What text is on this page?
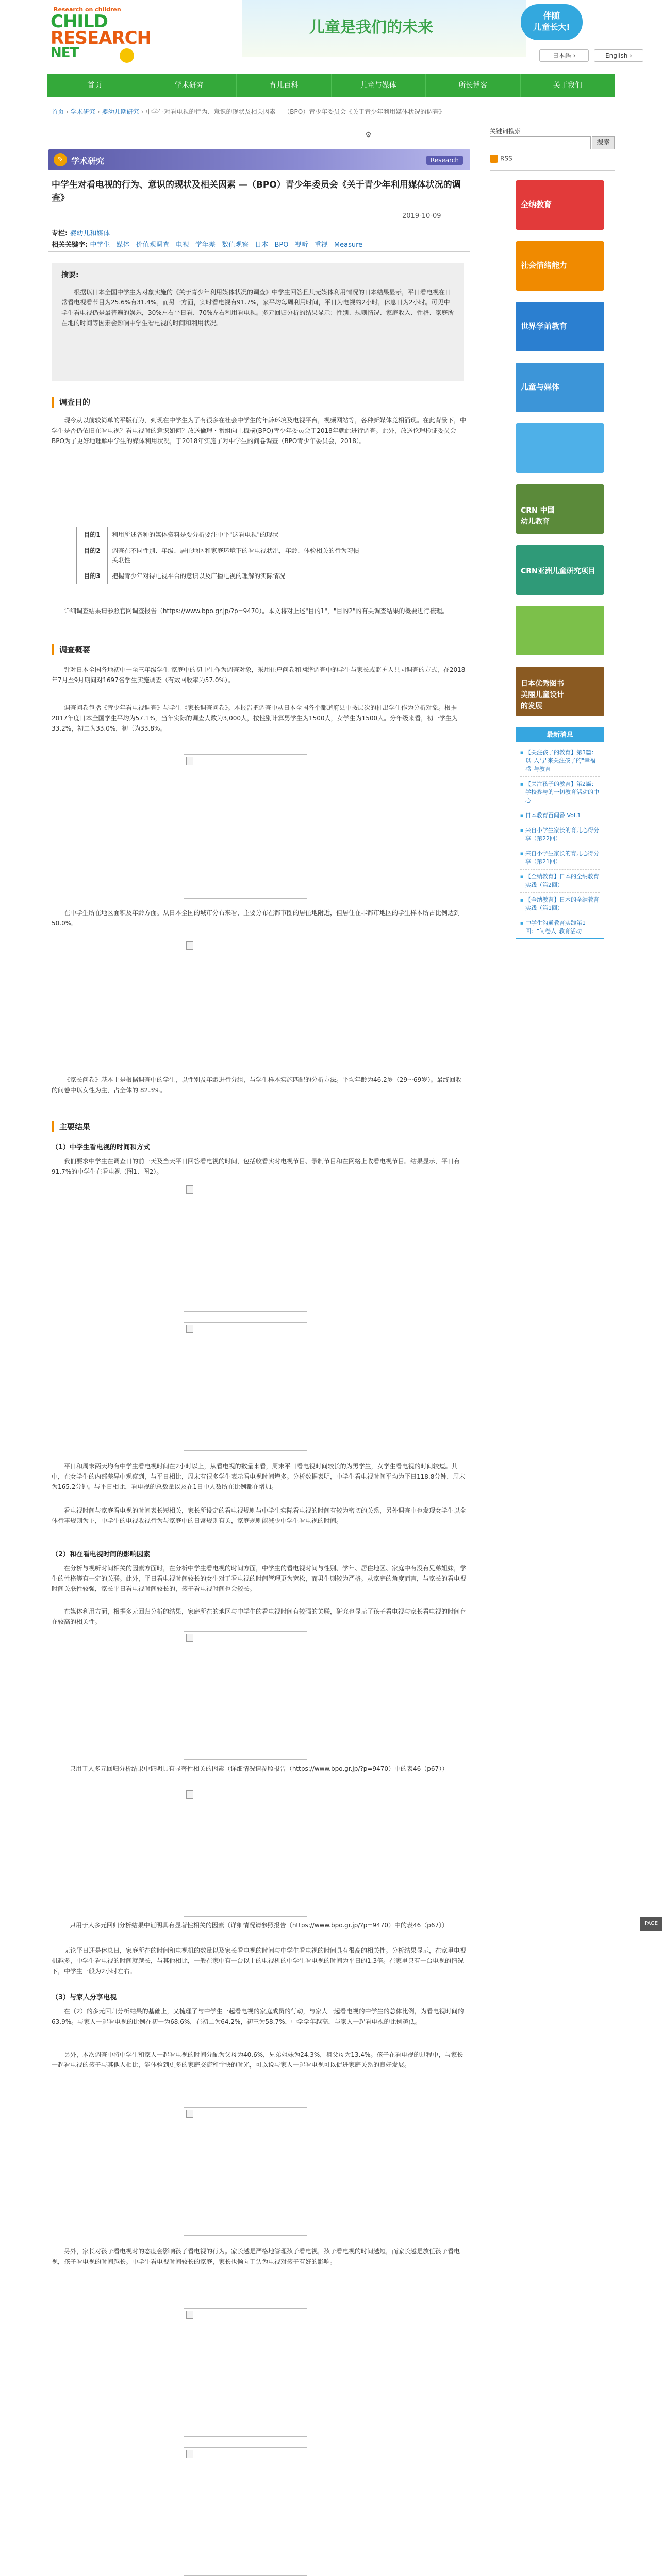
Research on children
CHILD
RESEARCH
NET
儿童是我们的未来
伴随
儿童长大!
日本語 ›	English ›
首页	学术研究	育儿百科	儿童与媒体	所长博客	关于我们
首页 › 学术研究 › 婴幼儿期研究 › 中学生对看电视的行为、意识的现状及相关因素 —（BPO）青少年委员会《关于青少年利用媒体状况的调查》
⚙
✎ 学术研究	Research
中学生对看电视的行为、意识的现状及相关因素 —（BPO）青少年委员会《关于青少年利用媒体状况的调查》
2019-10-09
专栏: 婴幼儿和媒体
相关关键字: 中学生 媒体 价值观调查 电视 学年差 数值观察 日本 BPO 视听 重视 Measure
摘要:
根据以日本全国中学生为对象实施的《关于青少年利用媒体状况的调查》中学生回答且其无媒体利用情况的日本结果显示，平日看电视在日常看电视看节目为25.6%有31.4%。而另一方面，实时看电视有91.7%，家平均每周利用时间，平日为电视约2小时，休息日为2小时。可见中学生看电视仍是最普遍的娱乐，30%左右平日看、70%左右利用看电视。多元回归分析的结果显示：性别、规则情况、家庭收入、性格、家庭所在地的时间等因素会影响中学生看电视的时间和利用状况。
调查目的
现今从以前较简单的平版行为，到现在中学生为了有很多在社会中学生的年龄环境及电视平台，视频网站等，各种新媒体竞相涌现。在此背景下，中学生是否仍依旧在看电视？看电视时的意识如何？放送倫理・番組向上機構(BPO)青少年委员会于2018年就此进行调查。此外，放送伦理检证委员会BPO为了更好地理解中学生的媒体利用状况，于2018年实施了对中学生的问卷调查（BPO青少年委员会，2018）。
目的1	利用所述各种的媒体资料是要分析要注中平"这看电视"的现状
目的2	调查在不同性别、年级、居住地区和家庭环境下的看电视状况，年龄、体验相关的行为习惯关联性
目的3	把握青少年对待电视平台的意识以及广播电视的理解的实际情况
详细调查结果请参照官网调查报告（https://www.bpo.gr.jp/?p=9470）。本文将对上述"目的1"，"目的2"的有关调查结果的概要进行梳理。
调查概要
针对日本全国各地初中一至三年级学生 家庭中的初中生作为调查对象，采用住户问卷和网络调查中的学生与家长或监护人共同调查的方式，在2018年7月至9月期间对1697名学生实施调查（有效回收率为57.0%）。
调查问卷包括《青少年看电视调查》与学生《家长调查问卷》。本报告把调查中从日本全国各个都道府县中按层次的抽出学生作为分析对象。根据2017年度日本全国学生平均为57.1%，当年实际的调查人数为3,000人，按性别计算男学生为1500人，女学生为1500人。分年级来看，初一学生为33.2%，初二为33.0%，初三为33.8%。
在中学生所在地区面积及年龄方面。从日本全国的城市分布来看，主要分布在都市圈的居住地附近，但居住在非都市地区的学生样本所占比例达到50.0%。
《家长问卷》基本上是根据调查中的学生，以性别及年龄进行分组，与学生样本实施匹配的分析方法。平均年龄为46.2岁（29～69岁）。最终回收的问卷中以女性为主，占全体的 82.3%。
主要结果
（1）中学生看电视的时间和方式
我们要求中学生在调查日的前一天及当天平日回答看电视的时间，包括收看实时电视节目、录制节目和在网络上收看电视节目。结果显示，平日有91.7%的中学生在看电视（图1、图2）。
平日和周末两天均有中学生看电视时间在2小时以上，从看电视的数量来看，周末平日看电视时间较长的为男学生，女学生看电视的时间较短。其中，在女学生的内部差异中观察到，与平日相比，周末有很多学生表示看电视时间增多。分析数据表明，中学生看电视时间平均为平日118.8分钟，周末为165.2分钟。与平日相比，看电视的总数量以及在1日中人数所在比例都在增加。
看电视时间与家庭看电视的时间表长短相关，家长所设定的看电视规则与中学生实际看电视的时间有较为密切的关系，另外调查中也发现女学生以全体行事规则为主，中学生的电视收视行为与家庭中的日常规则有关，家庭规则能减少中学生看电视的时间。
（2）和在看电视时间的影响因素
在分析与视听时间相关的因素方面时，在分析中学生看电视的时间方面，中学生的看电视时间与性别、学年、居住地区、家庭中有没有兄弟姐妹，学生的性格等有一定的关联。此外，平日看电视时间较长的女生对于看电视的时间管理更为宽松，而男生则较为严格。从家庭的角度而言，与家长的看电视时间关联性较强，家长平日看电视时间较长的，孩子看电视时间也会较长。
在媒体利用方面，根据多元回归分析的结果，家庭所在的地区与中学生的看电视时间有较强的关联，研究也显示了孩子看电视与家长看电视的时间存在较高的相关性。
只用于人多元回归分析结果中证明具有显著性相关的因素（详细情况请参照报告（https://www.bpo.gr.jp/?p=9470）中的表46（p67））
只用于人多元回归分析结果中证明具有显著性相关的因素（详细情况请参照报告（https://www.bpo.gr.jp/?p=9470）中的表46（p67））
无论平日还是休息日，家庭所在的时间和电视机的数量以及家长看电视的时间与中学生看电视的时间具有很高的相关性。分析结果显示，在家里电视机越多，中学生看电视的时间就越长，与其他相比，一般在家中有一台以上的电视机的中学生看电视的时间为平日的1.3倍。在家里只有一台电视的情况下，中学生一般为2小时左右。
（3）与家人分享电视
在（2）的多元回归分析结果的基础上，又梳理了与中学生一起看电视的家庭成员的行动，与家人一起看电视的中学生的总体比例，为看电视时间的63.9%。与家人一起看电视的比例在初一为68.6%，在初二为64.2%，初三为58.7%，中学学年越高，与家人一起看电视的比例越低。
另外，本次调查中将中学生和家人一起看电视的时间分配为父母为40.6%，兄弟姐妹为24.3%，祖父母为13.4%。孩子在看电视的过程中，与家长一起看电视的孩子与其他人相比，能体验到更多的家庭交流和愉快的时光，可以说与家人一起看电视可以促进家庭关系的良好发展。
另外，家长对孩子看电视时的态度会影响孩子看电视的行为。家长越是严格地管理孩子看电视，孩子看电视的时间越短，而家长越是放任孩子看电视，孩子看电视的时间越长。中学生看电视时间较长的家庭，家长也倾向于认为电视对孩子有好的影响。
关键词搜索
搜索
RSS
全纳教育
社会情绪能力
世界学前教育
儿童与媒体
CRN 中国
幼儿教育
CRN亚洲儿童研究项目
日本优秀图书
美丽儿童设计
的发展
最新消息
■ 【关注孩子的教育】第3篇：以"人与"来关注孩子的"幸福感"与教育
■ 【关注孩子的教育】第2篇：学校参与的一切教育活动的中心
■ 日本教育百闻番 Vol.1
■ 来自小学生家长的育儿心得分享（第22回）
■ 来自小学生家长的育儿心得分享（第21回）
■ 【全纳教育】日本的全纳教育实践（第2回）
■ 【全纳教育】日本的全纳教育实践（第1回）
■ 中学生沟通教育实践第1回："问卷人"教育活动
PAGE TOP
